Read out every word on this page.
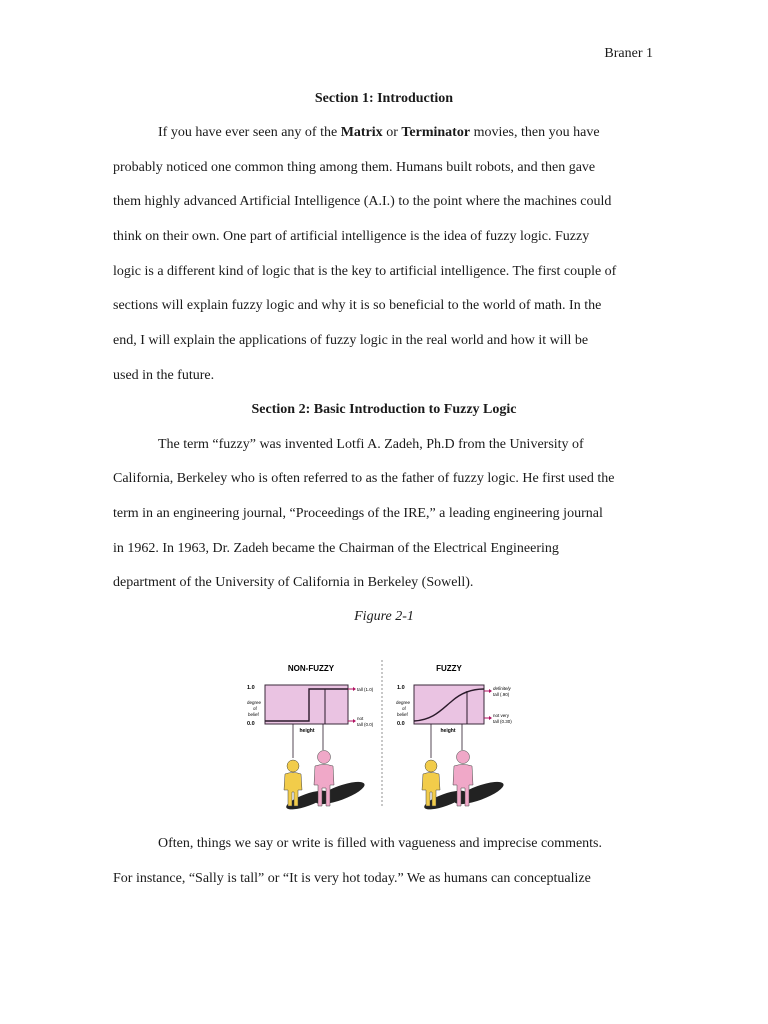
Braner 1
Section 1: Introduction
If you have ever seen any of the Matrix or Terminator movies, then you have
probably noticed one common thing among them. Humans built robots, and then gave
them highly advanced Artificial Intelligence (A.I.) to the point where the machines could
think on their own. One part of artificial intelligence is the idea of fuzzy logic. Fuzzy
logic is a different kind of logic that is the key to artificial intelligence. The first couple of
sections will explain fuzzy logic and why it is so beneficial to the world of math. In the
end, I will explain the applications of fuzzy logic in the real world and how it will be
used in the future.
Section 2: Basic Introduction to Fuzzy Logic
The term “fuzzy” was invented Lotfi A. Zadeh, Ph.D from the University of
California, Berkeley who is often referred to as the father of fuzzy logic. He first used the
term in an engineering journal, “Proceedings of the IRE,” a leading engineering journal
in 1962. In 1963, Dr. Zadeh became the Chairman of the Electrical Engineering
department of the University of California in Berkeley (Sowell).
Figure 2-1
NON-FUZZY
1.0
0.0
degree
of
belief
tall (1.0)
not
tall (0.0)
height
FUZZY
1.0
0.0
degree
of
belief
definitely
tall (.90)
not very
tall (0.30)
height
Often, things we say or write is filled with vagueness and imprecise comments.
For instance, “Sally is tall” or “It is very hot today.” We as humans can conceptualize
